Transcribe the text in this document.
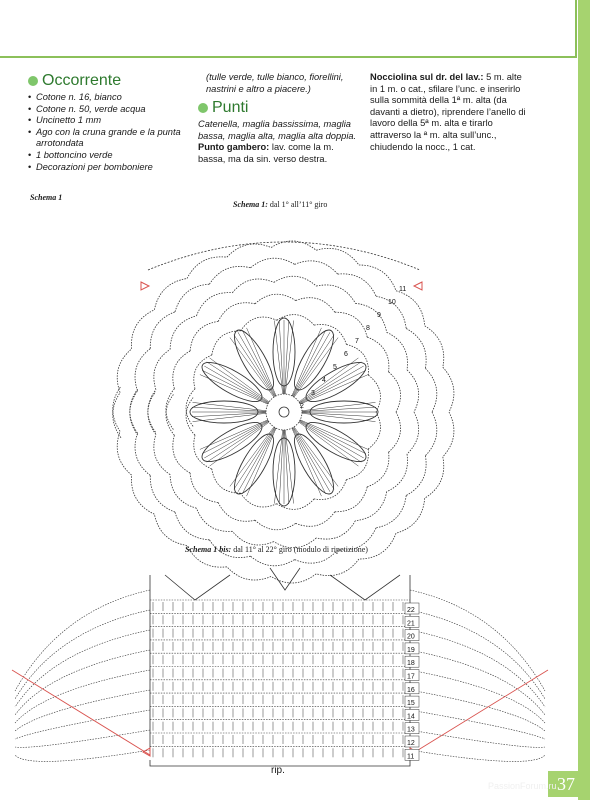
Occorrente
• Cotone n. 16, bianco
• Cotone n. 50, verde acqua
• Uncinetto 1 mm
• Ago con la cruna grande e la punta arrotondata
• 1 bottoncino verde
• Decorazioni per bomboniere
(tulle verde, tulle bianco, fiorellini, nastrini e altro a piacere.)
Punti
Catenella, maglia bassissima, maglia bassa, maglia alta, maglia alta doppia.
Punto gambero: lav. come la m. bassa, ma da sin. verso destra.
Nocciolina sul dr. del lav.: 5 m. alte in 1 m. o cat., sfilare l’unc. e inserirlo sulla sommità della 1ª m. alta (da davanti a dietro), riprendere l’anello di lavoro della 5ª m. alta e tirarlo attraverso la ª m. alta sull’unc., chiudendo la nocc., 1 cat.
Schema 1
Schema 1: dal 1° all’11° giro
Schema 1 bis: dal 11° al 22° giro (modulo di ripetizione)
2
3
4
5
6
7
8
9
10
11
22
21
20
19
18
17
16
15
14
13
12
11
rip.
37
PassionForum.ru
